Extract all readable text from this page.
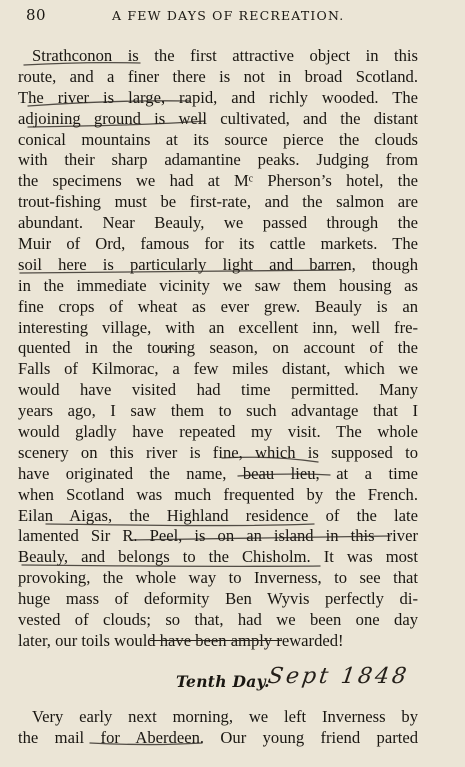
80	A FEW DAYS OF RECREATION.
Strathconon is the first attractive object in this
route, and a finer there is not in broad Scotland.
The river is large, rapid, and richly wooded. The
adjoining ground is well cultivated, and the distant
conical mountains at its source pierce the clouds
with their sharp adamantine peaks. Judging from
the specimens we had at Mᶜ Pherson’s hotel, the
trout-fishing must be first-rate, and the salmon are
abundant. Near Beauly, we passed through the
Muir of Ord, famous for its cattle markets. The
soil here is particularly light and barren, though
in the immediate vicinity we saw them housing as
fine crops of wheat as ever grew. Beauly is an
interesting village, with an excellent inn, well fre-
quented in the touring season, on account of the
Falls of Kilmorac, a few miles distant, which we
would have visited had time permitted. Many
years ago, I saw them to such advantage that I
would gladly have repeated my visit. The whole
scenery on this river is fine, which is supposed to
have originated the name, beau lieu, at a time
when Scotland was much frequented by the French.
Eilan Aigas, the Highland residence of the late
lamented Sir R. Peel, is on an island in this river
Beauly, and belongs to the Chisholm. It was most
provoking, the whole way to Inverness, to see that
huge mass of deformity Ben Wyvis perfectly di-
vested of clouds; so that, had we been one day
later, our toils would have been amply rewarded!
Tenth Day.
Sept 1848
Very early next morning, we left Inverness by
the mail for Aberdeen. Our young friend parted
